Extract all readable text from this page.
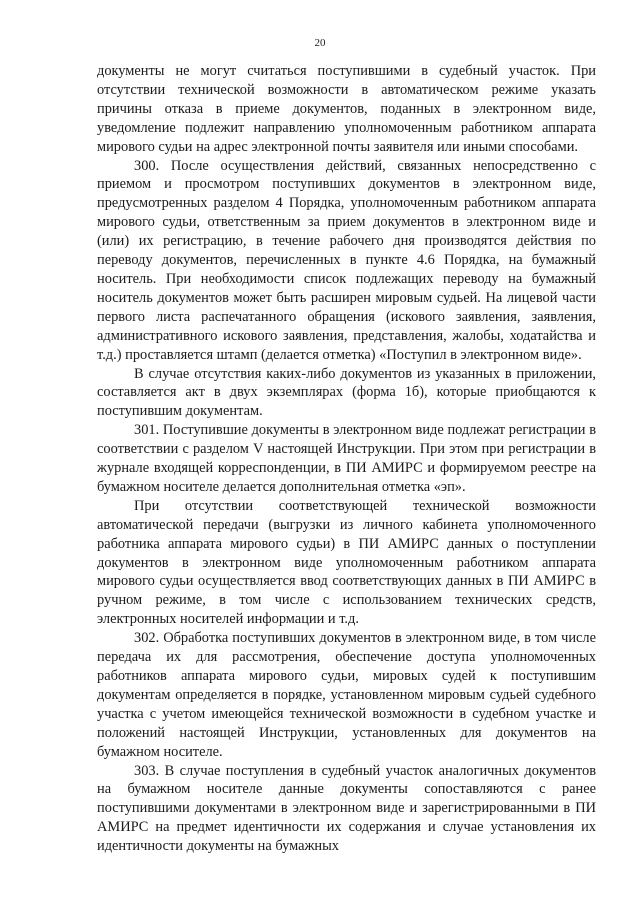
20

документы не могут считаться поступившими в судебный участок. При отсутствии технической возможности в автоматическом режиме указать причины отказа в приеме документов, поданных в электронном виде, уведомление подлежит направлению уполномоченным работником аппарата мирового судьи на адрес электронной почты заявителя или иными способами.

300. После осуществления действий, связанных непосредственно с приемом и просмотром поступивших документов в электронном виде, предусмотренных разделом 4 Порядка, уполномоченным работником аппарата мирового судьи, ответственным за прием документов в электронном виде и (или) их регистрацию, в течение рабочего дня производятся действия по переводу документов, перечисленных в пункте 4.6 Порядка, на бумажный носитель. При необходимости список подлежащих переводу на бумажный носитель документов может быть расширен мировым судьей. На лицевой части первого листа распечатанного обращения (искового заявления, заявления, административного искового заявления, представления, жалобы, ходатайства и т.д.) проставляется штамп (делается отметка) «Поступил в электронном виде».

В случае отсутствия каких-либо документов из указанных в приложении, составляется акт в двух экземплярах (форма 1б), которые приобщаются к поступившим документам.

301. Поступившие документы в электронном виде подлежат регистрации в соответствии с разделом V настоящей Инструкции. При этом при регистрации в журнале входящей корреспонденции, в ПИ АМИРС и формируемом реестре на бумажном носителе делается дополнительная отметка «эп».

При отсутствии соответствующей технической возможности автоматической передачи (выгрузки из личного кабинета уполномоченного работника аппарата мирового судьи) в ПИ АМИРС данных о поступлении документов в электронном виде уполномоченным работником аппарата мирового судьи осуществляется ввод соответствующих данных в ПИ АМИРС в ручном режиме, в том числе с использованием технических средств, электронных носителей информации и т.д.

302. Обработка поступивших документов в электронном виде, в том числе передача их для рассмотрения, обеспечение доступа уполномоченных работников аппарата мирового судьи, мировых судей к поступившим документам определяется в порядке, установленном мировым судьей судебного участка с учетом имеющейся технической возможности в судебном участке и положений настоящей Инструкции, установленных для документов на бумажном носителе.

303. В случае поступления в судебный участок аналогичных документов на бумажном носителе данные документы сопоставляются с ранее поступившими документами в электронном виде и зарегистрированными в ПИ АМИРС на предмет идентичности их содержания и случае установления их идентичности документы на бумажных
